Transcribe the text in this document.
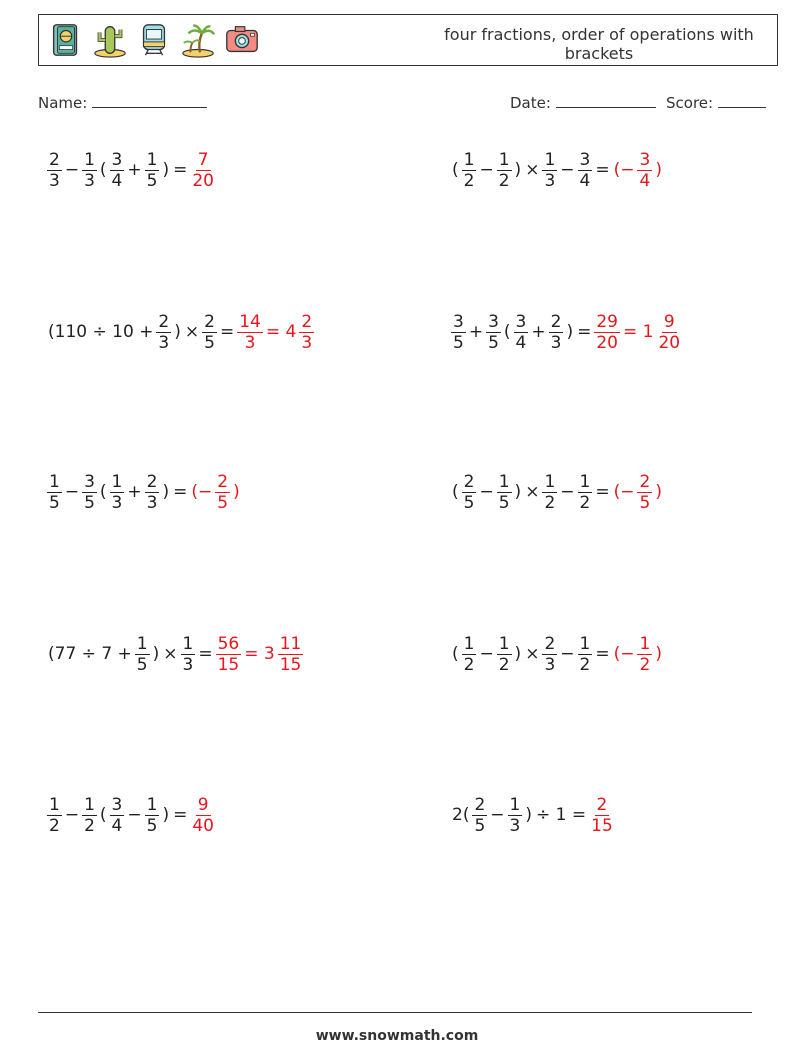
four fractions, order of operations with brackets
Name:	Date:	Score:
$\frac{2}{3} - \frac{1}{3}$ ( $\frac{3}{4} + \frac{1}{5}$ ) = $\frac{7}{20}$	( $\frac{1}{2} - \frac{1}{2}$ ) × $\frac{1}{3} - \frac{3}{4}$ = (− $\frac{3}{4}$ )
($110 \div 10 + \frac{2}{3}$ ) × $\frac{2}{5} = \frac{14}{3} = 4 \frac{2}{3}$	$\frac{3}{5} + \frac{3}{5}$ ( $\frac{3}{4} + \frac{2}{3}$ ) = $\frac{29}{20} = 1 \frac{9}{20}$
$\frac{1}{5} - \frac{3}{5}$ ( $\frac{1}{3} + \frac{2}{3}$ ) = (− $\frac{2}{5}$ )	( $\frac{2}{5} - \frac{1}{5}$ ) × $\frac{1}{2} - \frac{1}{2}$ = (− $\frac{2}{5}$ )
($77 \div 7 + \frac{1}{5}$ ) × $\frac{1}{3} = \frac{56}{15} = 3 \frac{11}{15}$	( $\frac{1}{2} - \frac{1}{2}$ ) × $\frac{2}{3} - \frac{1}{2}$ = (− $\frac{1}{2}$ )
$\frac{1}{2} - \frac{1}{2}$ ( $\frac{3}{4} - \frac{1}{5}$ ) = $\frac{9}{40}$	$2( \frac{2}{5} - \frac{1}{3}$ ) ÷ $1 = \frac{2}{15}$
www.snowmath.com
